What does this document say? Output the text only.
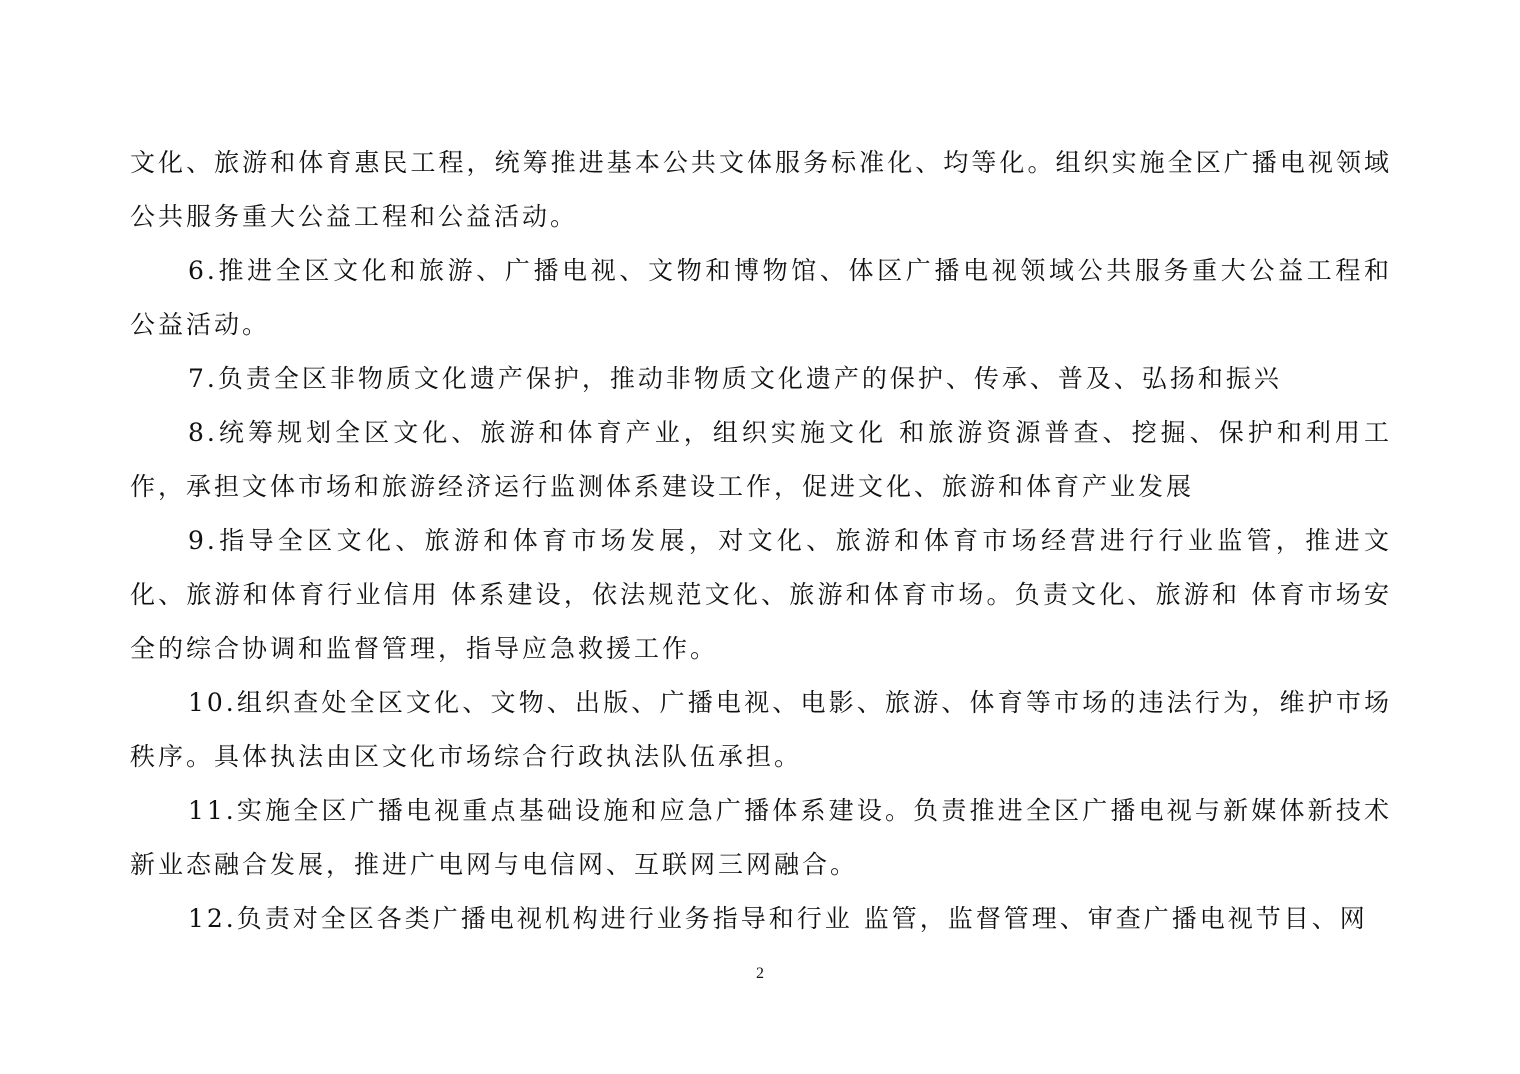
文化、旅游和体育惠民工程，统筹推进基本公共文体服务标准化、均等化。组织实施全区广播电视领域公共服务重大公益工程和公益活动。

6.推进全区文化和旅游、广播电视、文物和博物馆、体区广播电视领域公共服务重大公益工程和公益活动。

7.负责全区非物质文化遗产保护，推动非物质文化遗产的保护、传承、普及、弘扬和振兴

8.统筹规划全区文化、旅游和体育产业，组织实施文化 和旅游资源普查、挖掘、保护和利用工作，承担文体市场和旅游经济运行监测体系建设工作，促进文化、旅游和体育产业发展

9.指导全区文化、旅游和体育市场发展，对文化、旅游和体育市场经营进行行业监管，推进文化、旅游和体育行业信用 体系建设，依法规范文化、旅游和体育市场。负责文化、旅游和 体育市场安全的综合协调和监督管理，指导应急救援工作。

10.组织查处全区文化、文物、出版、广播电视、电影、旅游、体育等市场的违法行为，维护市场秩序。具体执法由区文化市场综合行政执法队伍承担。

11.实施全区广播电视重点基础设施和应急广播体系建设。负责推进全区广播电视与新媒体新技术新业态融合发展，推进广电网与电信网、互联网三网融合。

12.负责对全区各类广播电视机构进行业务指导和行业 监管，监督管理、审查广播电视节目、网

2
